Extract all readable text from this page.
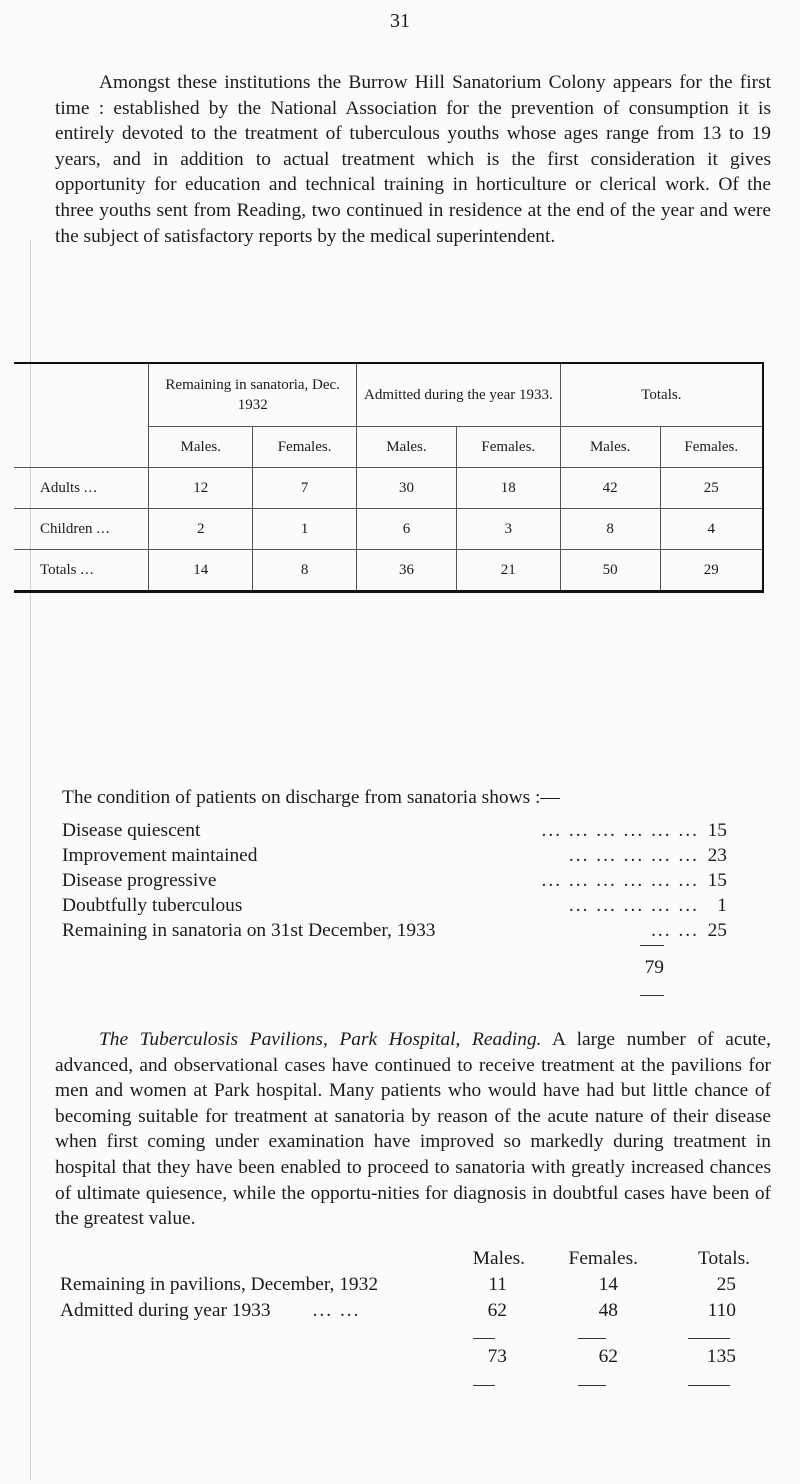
31

Amongst these institutions the Burrow Hill Sanatorium Colony appears for the first time : established by the National Association for the prevention of consumption it is entirely devoted to the treatment of tuberculous youths whose ages range from 13 to 19 years, and in addition to actual treatment which is the first consideration it gives opportunity for education and technical training in horticulture or clerical work. Of the three youths sent from Reading, two continued in residence at the end of the year and were the subject of satisfactory reports by the medical superintendent.

	Remaining in sanatoria, Dec. 1932		Admitted during the year 1933.		Totals.	
	Males.	Females.	Males.	Females.	Males.	Females.
Adults ...	12	7	30	18	42	25
Children ...	2	1	6	3	8	4
Totals ...	14	8	36	21	50	29

The condition of patients on discharge from sanatoria shows :—

Disease quiescent	... ... ... ... ... ... 15
Improvement maintained	... ... ... ... ... 23
Disease progressive	... ... ... ... ... ... 15
Doubtfully tuberculous	... ... ... ... ... 1
Remaining in sanatoria on 31st December, 1933	... ... 25
79

The Tuberculosis Pavilions, Park Hospital, Reading. A large number of acute, advanced, and observational cases have continued to receive treatment at the pavilions for men and women at Park hospital. Many patients who would have had but little chance of becoming suitable for treatment at sanatoria by reason of the acute nature of their disease when first coming under examination have improved so markedly during treatment in hospital that they have been enabled to proceed to sanatoria with greatly increased chances of ultimate quiesence, while the opportu-nities for diagnosis in doubtful cases have been of the greatest value.

Males.	Females.	Totals.
Remaining in pavilions, December, 1932	11	14	25
Admitted during year 1933 ... ...	62	48	110
73	62	135
